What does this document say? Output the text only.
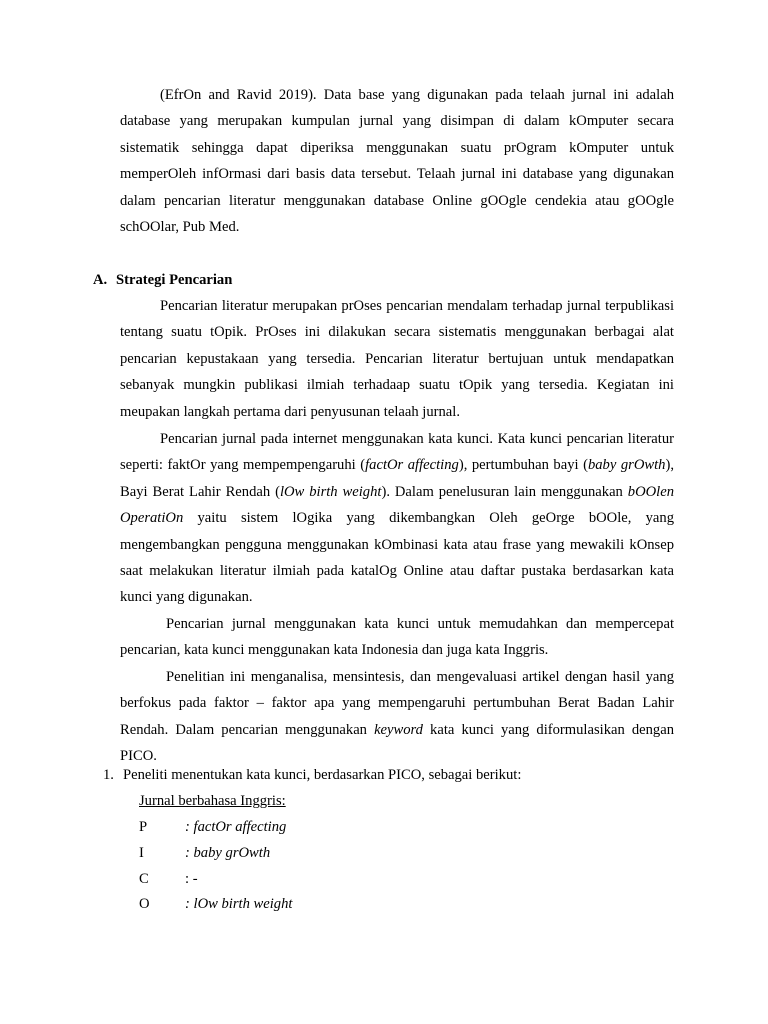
(EfrOn and Ravid 2019). Data base yang digunakan pada telaah jurnal ini adalah database yang merupakan kumpulan jurnal yang disimpan di dalam kOmputer secara sistematik sehingga dapat diperiksa menggunakan suatu prOgram kOmputer untuk memperOleh infOrmasi dari basis data tersebut. Telaah jurnal ini database yang digunakan dalam pencarian literatur menggunakan database Online gOOgle cendekia atau gOOgle schOOlar, Pub Med.

A. Strategi Pencarian

Pencarian literatur merupakan prOses pencarian mendalam terhadap jurnal terpublikasi tentang suatu tOpik. PrOses ini dilakukan secara sistematis menggunakan berbagai alat pencarian kepustakaan yang tersedia. Pencarian literatur bertujuan untuk mendapatkan sebanyak mungkin publikasi ilmiah terhadaap suatu tOpik yang tersedia. Kegiatan ini meupakan langkah pertama dari penyusunan telaah jurnal.

Pencarian jurnal pada internet menggunakan kata kunci. Kata kunci pencarian literatur seperti: faktOr yang mempempengaruhi (factOr affecting), pertumbuhan bayi (baby grOwth), Bayi Berat Lahir Rendah (lOw birth weight). Dalam penelusuran lain menggunakan bOOlen OperatiOn yaitu sistem lOgika yang dikembangkan Oleh geOrge bOOle, yang mengembangkan pengguna menggunakan kOmbinasi kata atau frase yang mewakili kOnsep saat melakukan literatur ilmiah pada katalOg Online atau daftar pustaka berdasarkan kata kunci yang digunakan.

Pencarian jurnal menggunakan kata kunci untuk memudahkan dan mempercepat pencarian, kata kunci menggunakan kata Indonesia dan juga kata Inggris.

Penelitian ini menganalisa, mensintesis, dan mengevaluasi artikel dengan hasil yang berfokus pada faktor – faktor apa yang mempengaruhi pertumbuhan Berat Badan Lahir Rendah. Dalam pencarian menggunakan keyword kata kunci yang diformulasikan dengan PICO.

1. Peneliti menentukan kata kunci, berdasarkan PICO, sebagai berikut:

Jurnal berbahasa Inggris:

P	: factOr affecting

I	: baby grOwth

C : -

O : lOw birth weight
